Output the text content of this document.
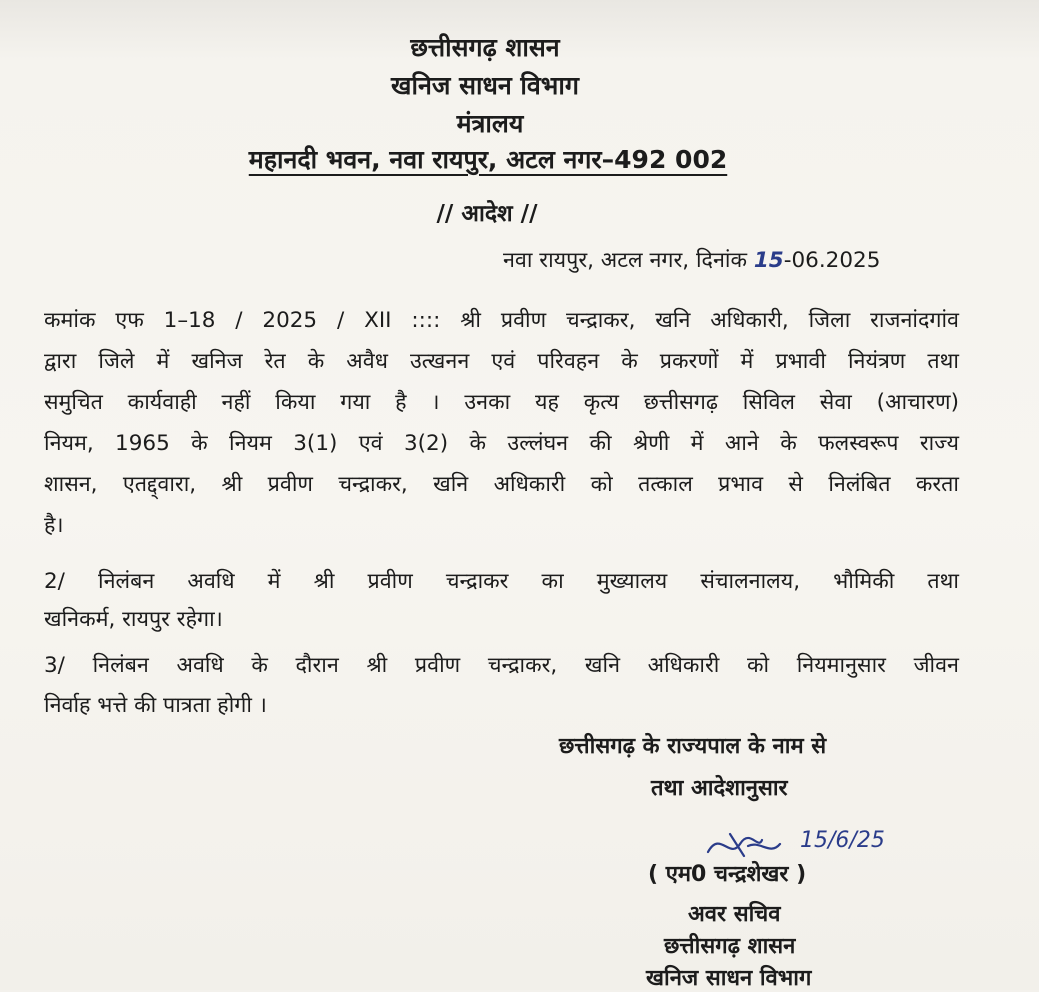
छत्तीसगढ़ शासन
खनिज साधन विभाग
मंत्रालय
महानदी भवन, नवा रायपुर, अटल नगर–492 002
// आदेश //
नवा रायपुर, अटल नगर, दिनांक 15-06.2025
कमांक एफ 1–18 / 2025 / XII :::: श्री प्रवीण चन्द्राकर, खनि अधिकारी, जिला राजनांदगांव
द्वारा जिले में खनिज रेत के अवैध उत्खनन एवं परिवहन के प्रकरणों में प्रभावी नियंत्रण तथा
समुचित कार्यवाही नहीं किया गया है । उनका यह कृत्य छत्तीसगढ़ सिविल सेवा (आचारण)
नियम, 1965 के नियम 3(1) एवं 3(2) के उल्लंघन की श्रेणी में आने के फलस्वरूप राज्य
शासन, एतद्द्वारा, श्री प्रवीण चन्द्राकर, खनि अधिकारी को तत्काल प्रभाव से निलंबित करता
है।
2/ निलंबन अवधि में श्री प्रवीण चन्द्राकर का मुख्यालय संचालनालय, भौमिकी तथा
खनिकर्म, रायपुर रहेगा।
3/ निलंबन अवधि के दौरान श्री प्रवीण चन्द्राकर, खनि अधिकारी को नियमानुसार जीवन
निर्वाह भत्ते की पात्रता होगी ।
छत्तीसगढ़ के राज्यपाल के नाम से
तथा आदेशानुसार
15/6/25
( एम0 चन्द्रशेखर )
अवर सचिव
छत्तीसगढ़ शासन
खनिज साधन विभाग
